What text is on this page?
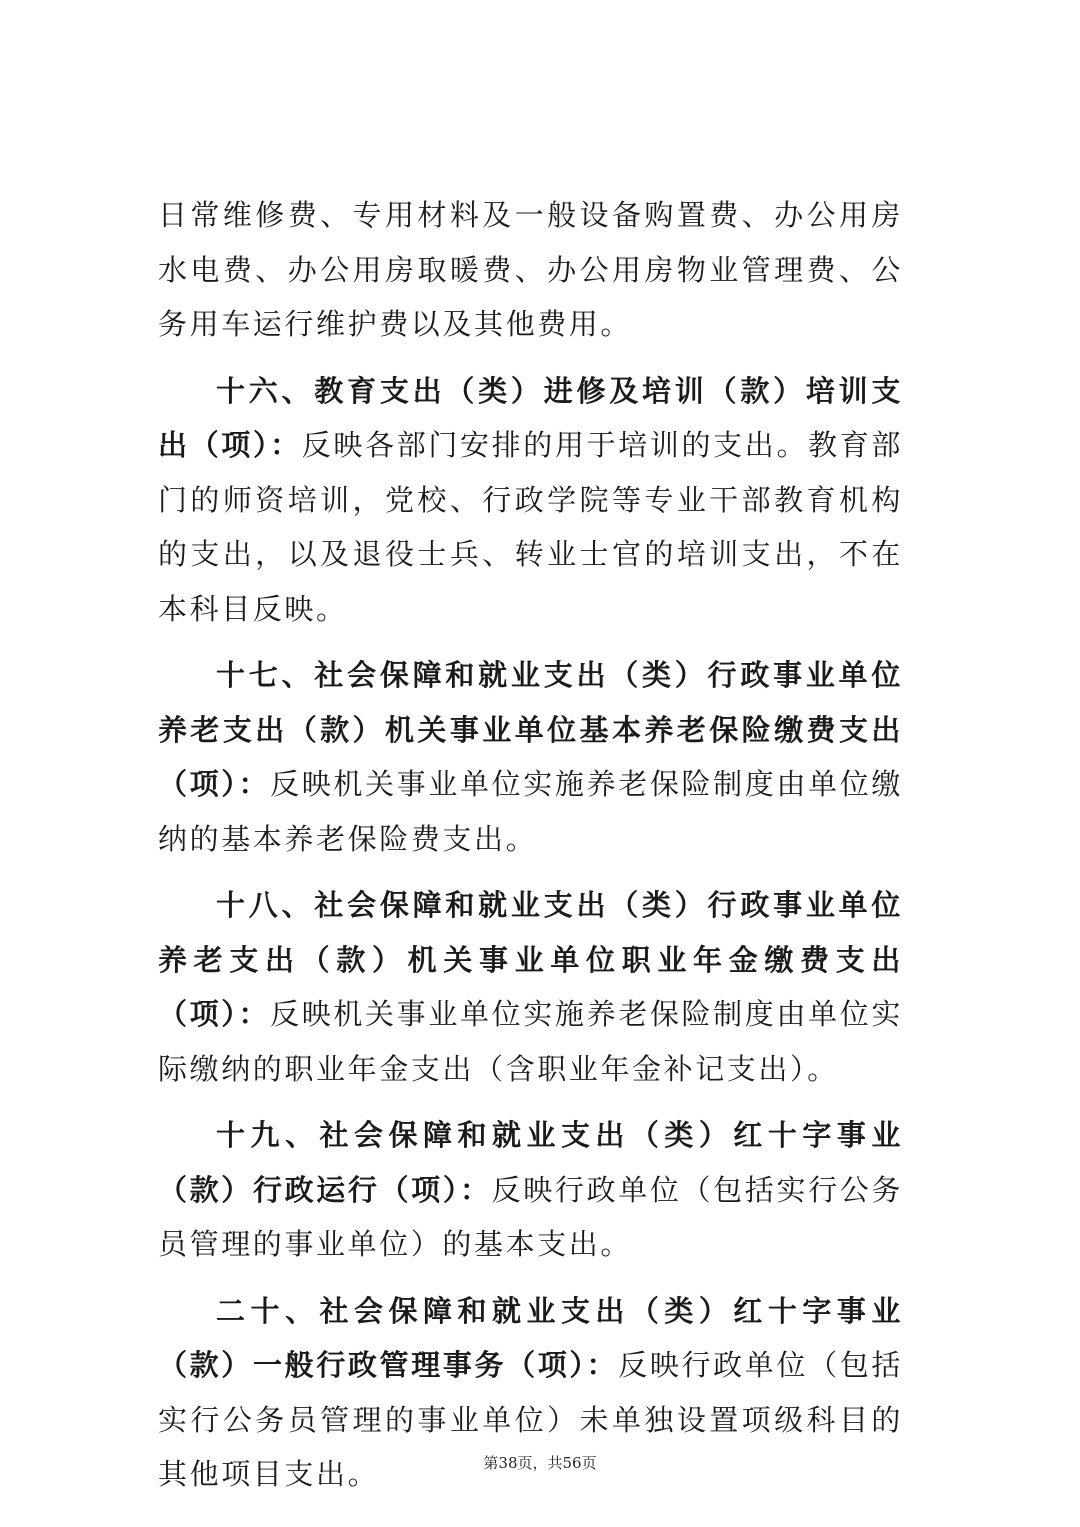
日常维修费、专用材料及一般设备购置费、办公用房水电费、办公用房取暖费、办公用房物业管理费、公务用车运行维护费以及其他费用。

十六、教育支出（类）进修及培训（款）培训支出（项）：反映各部门安排的用于培训的支出。教育部门的师资培训，党校、行政学院等专业干部教育机构的支出，以及退役士兵、转业士官的培训支出，不在本科目反映。

十七、社会保障和就业支出（类）行政事业单位养老支出（款）机关事业单位基本养老保险缴费支出（项）：反映机关事业单位实施养老保险制度由单位缴纳的基本养老保险费支出。

十八、社会保障和就业支出（类）行政事业单位养老支出（款）机关事业单位职业年金缴费支出（项）：反映机关事业单位实施养老保险制度由单位实际缴纳的职业年金支出（含职业年金补记支出）。

十九、社会保障和就业支出（类）红十字事业（款）行政运行（项）：反映行政单位（包括实行公务员管理的事业单位）的基本支出。

二十、社会保障和就业支出（类）红十字事业（款）一般行政管理事务（项）：反映行政单位（包括实行公务员管理的事业单位）未单独设置项级科目的其他项目支出。	第38页，共56页
